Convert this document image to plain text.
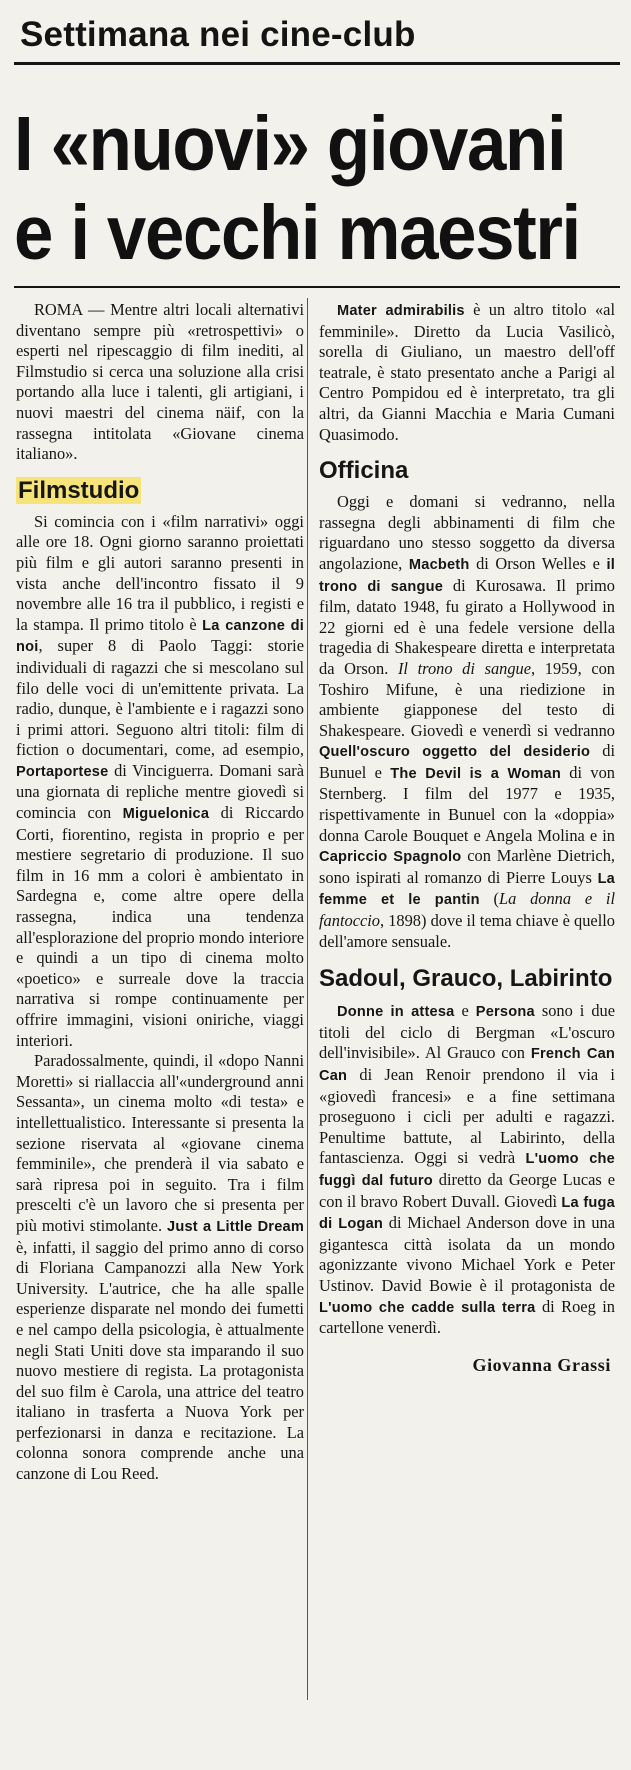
Settimana nei cine-club
I «nuovi» giovani
e i vecchi maestri

ROMA — Mentre altri locali alternativi diventano sempre più «retrospettivi» o esperti nel ripescaggio di film inediti, al Filmstudio si cerca una soluzione alla crisi portando alla luce i talenti, gli artigiani, i nuovi maestri del cinema näif, con la rassegna intitolata «Giovane cinema italiano».

Filmstudio

Si comincia con i «film narrativi» oggi alle ore 18. Ogni giorno saranno proiettati più film e gli autori saranno presenti in vista anche dell'incontro fissato il 9 novembre alle 16 tra il pubblico, i registi e la stampa. Il primo titolo è La canzone di noi, super 8 di Paolo Taggi: storie individuali di ragazzi che si mescolano sul filo delle voci di un'emittente privata. La radio, dunque, è l'ambiente e i ragazzi sono i primi attori. Seguono altri titoli: film di fiction o documentari, come, ad esempio, Portaportese di Vinciguerra. Domani sarà una giornata di repliche mentre giovedì si comincia con Miguelonica di Riccardo Corti, fiorentino, regista in proprio e per mestiere segretario di produzione. Il suo film in 16 mm a colori è ambientato in Sardegna e, come altre opere della rassegna, indica una tendenza all'esplorazione del proprio mondo interiore e quindi a un tipo di cinema molto «poetico» e surreale dove la traccia narrativa si rompe continuamente per offrire immagini, visioni oniriche, viaggi interiori.

Paradossalmente, quindi, il «dopo Nanni Moretti» si riallaccia all'«underground anni Sessanta», un cinema molto «di testa» e intellettualistico. Interessante si presenta la sezione riservata al «giovane cinema femminile», che prenderà il via sabato e sarà ripresa poi in seguito. Tra i film prescelti c'è un lavoro che si presenta per più motivi stimolante. Just a Little Dream è, infatti, il saggio del primo anno di corso di Floriana Campanozzi alla New York University. L'autrice, che ha alle spalle esperienze disparate nel mondo dei fumetti e nel campo della psicologia, è attualmente negli Stati Uniti dove sta imparando il suo nuovo mestiere di regista. La protagonista del suo film è Carola, una attrice del teatro italiano in trasferta a Nuova York per perfezionarsi in danza e recitazione. La colonna sonora comprende anche una canzone di Lou Reed.

Mater admirabilis è un altro titolo «al femminile». Diretto da Lucia Vasilicò, sorella di Giuliano, un maestro dell'off teatrale, è stato presentato anche a Parigi al Centro Pompidou ed è interpretato, tra gli altri, da Gianni Macchia e Maria Cumani Quasimodo.

Officina

Oggi e domani si vedranno, nella rassegna degli abbinamenti di film che riguardano uno stesso soggetto da diversa angolazione, Macbeth di Orson Welles e il trono di sangue di Kurosawa. Il primo film, datato 1948, fu girato a Hollywood in 22 giorni ed è una fedele versione della tragedia di Shakespeare diretta e interpretata da Orson. Il trono di sangue, 1959, con Toshiro Mifune, è una riedizione in ambiente giapponese del testo di Shakespeare. Giovedì e venerdì si vedranno Quell'oscuro oggetto del desiderio di Bunuel e The Devil is a Woman di von Sternberg. I film del 1977 e 1935, rispettivamente in Bunuel con la «doppia» donna Carole Bouquet e Angela Molina e in Capriccio Spagnolo con Marlène Dietrich, sono ispirati al romanzo di Pierre Louys La femme et le pantin (La donna e il fantoccio, 1898) dove il tema chiave è quello dell'amore sensuale.

Sadoul, Grauco, Labirinto

Donne in attesa e Persona sono i due titoli del ciclo di Bergman «L'oscuro dell'invisibile». Al Grauco con French Can Can di Jean Renoir prendono il via i «giovedì francesi» e a fine settimana proseguono i cicli per adulti e ragazzi. Penultime battute, al Labirinto, della fantascienza. Oggi si vedrà L'uomo che fuggì dal futuro diretto da George Lucas e con il bravo Robert Duvall. Giovedì La fuga di Logan di Michael Anderson dove in una gigantesca città isolata da un mondo agonizzante vivono Michael York e Peter Ustinov. David Bowie è il protagonista de L'uomo che cadde sulla terra di Roeg in cartellone venerdì.

Giovanna Grassi
